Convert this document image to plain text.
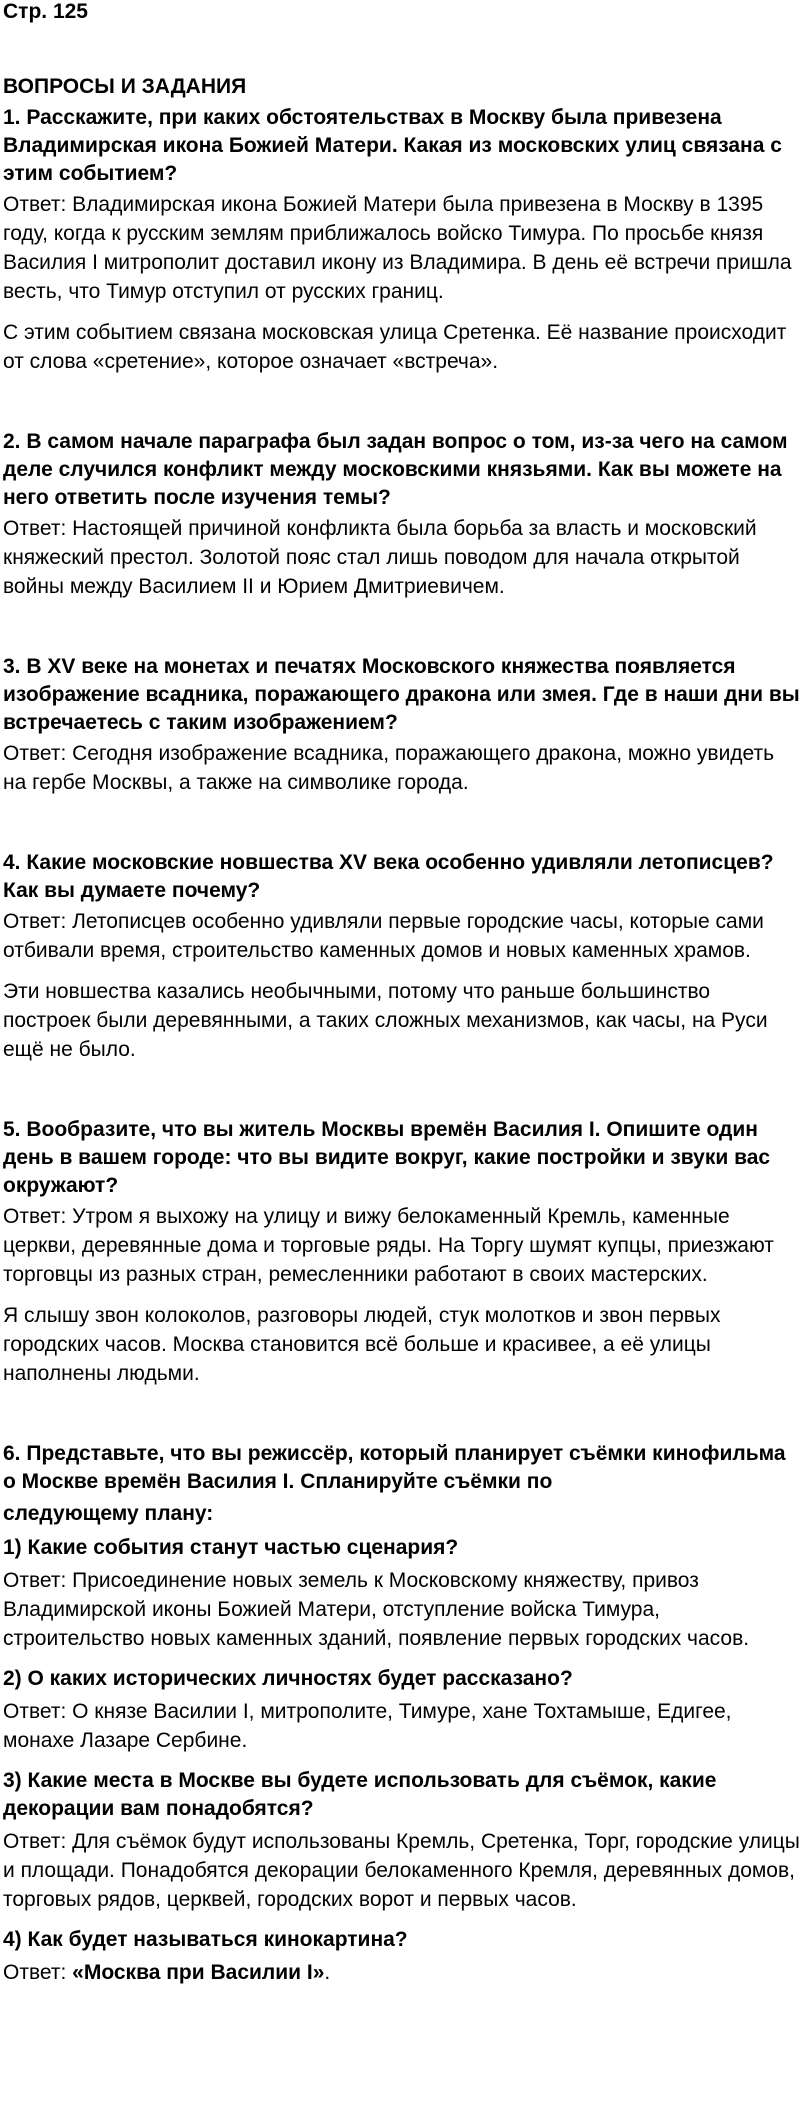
Стр. 125
ВОПРОСЫ И ЗАДАНИЯ
1. Расскажите, при каких обстоятельствах в Москву была привезена Владимирская икона Божией Матери. Какая из московских улиц связана с этим событием?
Ответ: Владимирская икона Божией Матери была привезена в Москву в 1395 году, когда к русским землям приближалось войско Тимура. По просьбе князя Василия I митрополит доставил икону из Владимира. В день её встречи пришла весть, что Тимур отступил от русских границ.
С этим событием связана московская улица Сретенка. Её название происходит от слова «сретение», которое означает «встреча».
2. В самом начале параграфа был задан вопрос о том, из-за чего на самом деле случился конфликт между московскими князьями. Как вы можете на него ответить после изучения темы?
Ответ: Настоящей причиной конфликта была борьба за власть и московский княжеский престол. Золотой пояс стал лишь поводом для начала открытой войны между Василием II и Юрием Дмитриевичем.
3. В XV веке на монетах и печатях Московского княжества появляется изображение всадника, поражающего дракона или змея. Где в наши дни вы встречаетесь с таким изображением?
Ответ: Сегодня изображение всадника, поражающего дракона, можно увидеть на гербе Москвы, а также на символике города.
4. Какие московские новшества XV века особенно удивляли летописцев? Как вы думаете почему?
Ответ: Летописцев особенно удивляли первые городские часы, которые сами отбивали время, строительство каменных домов и новых каменных храмов.
Эти новшества казались необычными, потому что раньше большинство построек были деревянными, а таких сложных механизмов, как часы, на Руси ещё не было.
5. Вообразите, что вы житель Москвы времён Василия I. Опишите один день в вашем городе: что вы видите вокруг, какие постройки и звуки вас окружают?
Ответ: Утром я выхожу на улицу и вижу белокаменный Кремль, каменные церкви, деревянные дома и торговые ряды. На Торгу шумят купцы, приезжают торговцы из разных стран, ремесленники работают в своих мастерских.
Я слышу звон колоколов, разговоры людей, стук молотков и звон первых городских часов. Москва становится всё больше и красивее, а её улицы наполнены людьми.
6. Представьте, что вы режиссёр, который планирует съёмки кинофильма о Москве времён Василия I. Спланируйте съёмки по
следующему плану:
1) Какие события станут частью сценария?
Ответ: Присоединение новых земель к Московскому княжеству, привоз Владимирской иконы Божией Матери, отступление войска Тимура, строительство новых каменных зданий, появление первых городских часов.
2) О каких исторических личностях будет рассказано?
Ответ: О князе Василии I, митрополите, Тимуре, хане Тохтамыше, Едигее, монахе Лазаре Сербине.
3) Какие места в Москве вы будете использовать для съёмок, какие декорации вам понадобятся?
Ответ: Для съёмок будут использованы Кремль, Сретенка, Торг, городские улицы и площади. Понадобятся декорации белокаменного Кремля, деревянных домов, торговых рядов, церквей, городских ворот и первых часов.
4) Как будет называться кинокартина?
Ответ: «Москва при Василии I».
